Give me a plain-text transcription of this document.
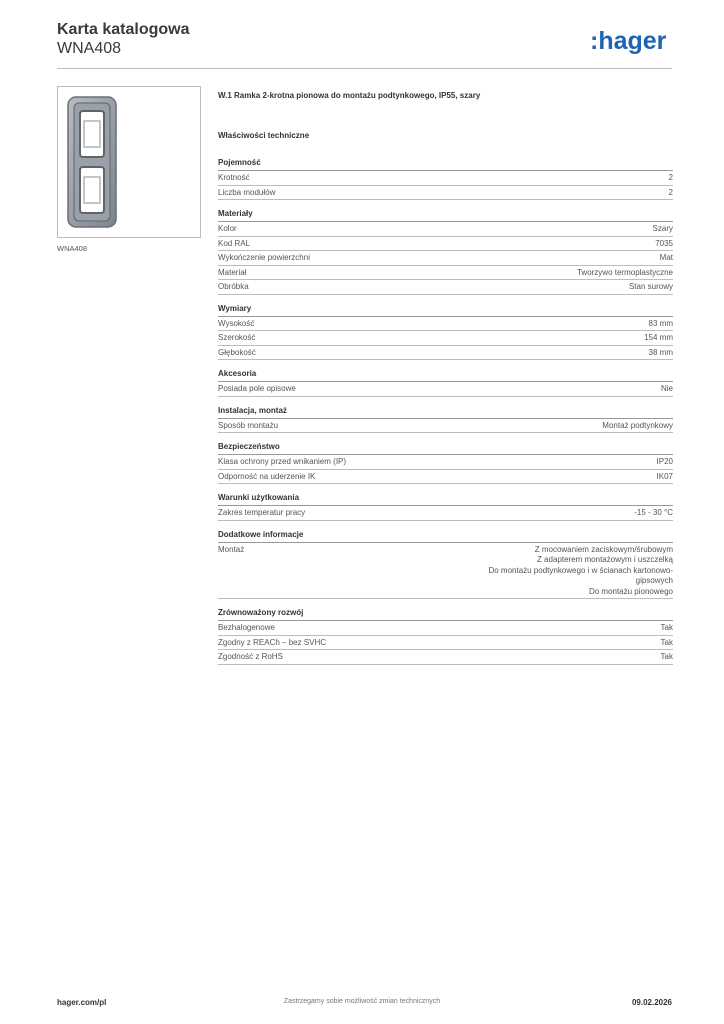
Karta katalogowa
WNA408	:hager
WNA408
W.1 Ramka 2-krotna pionowa do montażu podtynkowego, IP55, szary
Właściwości techniczne
Pojemność
Krotność	2
Liczba modułów	2
Materiały
Kolor	Szary
Kod RAL	7035
Wykończenie powierzchni	Mat
Materiał	Tworzywo termoplastyczne
Obróbka	Stan surowy
Wymiary
Wysokość	83 mm
Szerokość	154 mm
Głębokość	38 mm
Akcesoria
Posiada pole opisowe	Nie
Instalacja, montaż
Sposób montażu	Montaż podtynkowy
Bezpieczeństwo
Klasa ochrony przed wnikaniem (IP)	IP20
Odporność na uderzenie IK	IK07
Warunki użytkowania
Zakres temperatur pracy	-15 - 30 °C
Dodatkowe informacje
Montaż	Z mocowaniem zaciskowym/śrubowym
Z adapterem montażowym i uszczelką
Do montażu podtynkowego i w ścianach kartonowo-
gipsowych
Do montażu pionowego
Zrównoważony rozwój
Bezhalogenowe	Tak
Zgodny z REACh – bez SVHC	Tak
Zgodność z RoHS	Tak
hager.com/pl	Zastrzegamy sobie możliwość zmian technicznych	09.02.2026
